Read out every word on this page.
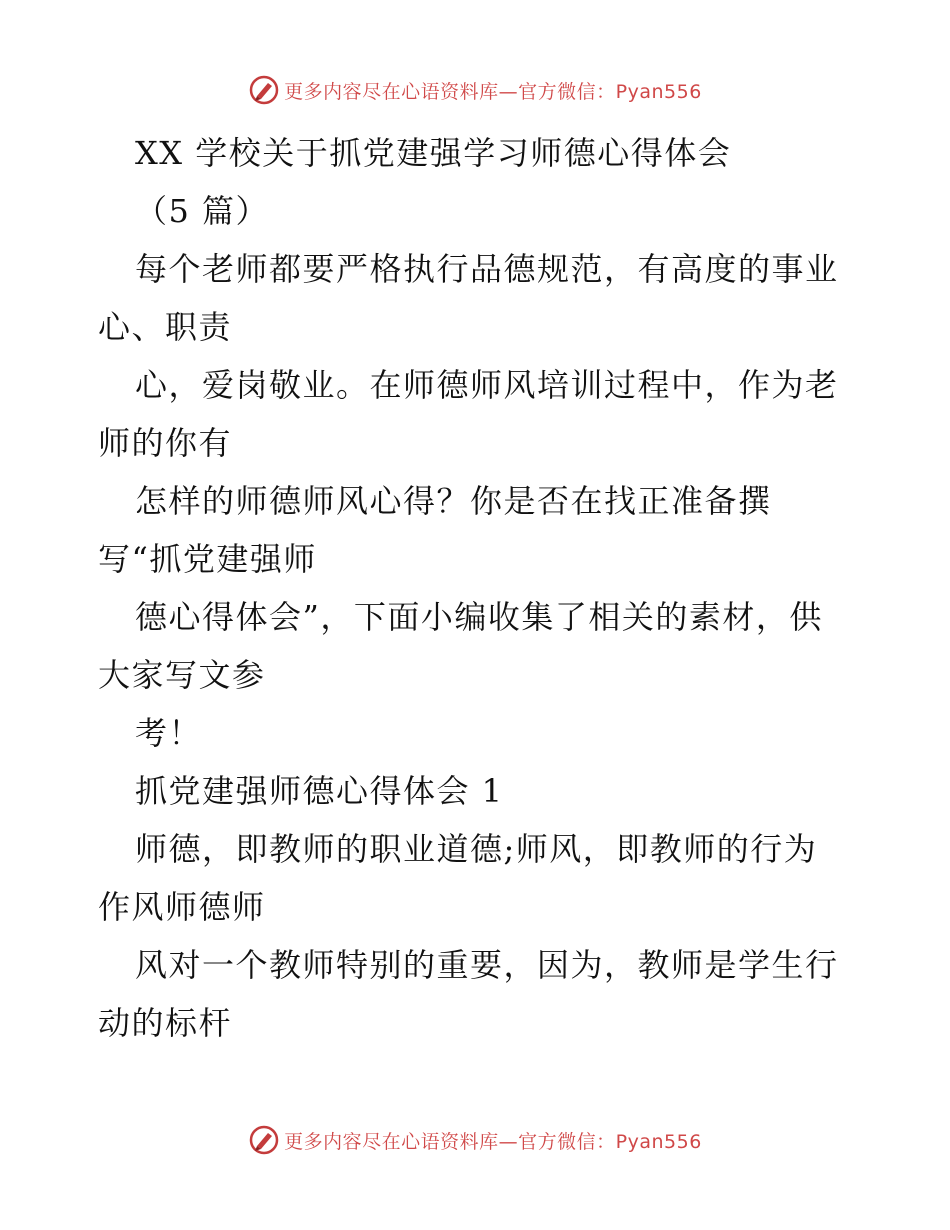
更多内容尽在心语资料库—官方微信：Pyan556
XX 学校关于抓党建强学习师德心得体会
（5 篇）
每个老师都要严格执行品德规范，有高度的事业
心、职责
心，爱岗敬业。在师德师风培训过程中，作为老
师的你有
怎样的师德师风心得？你是否在找正准备撰
写“抓党建强师
德心得体会”，下面小编收集了相关的素材，供
大家写文参
考！
抓党建强师德心得体会 1
师德，即教师的职业道德;师风，即教师的行为
作风师德师
风对一个教师特别的重要，因为，教师是学生行
动的标杆
更多内容尽在心语资料库—官方微信：Pyan556
